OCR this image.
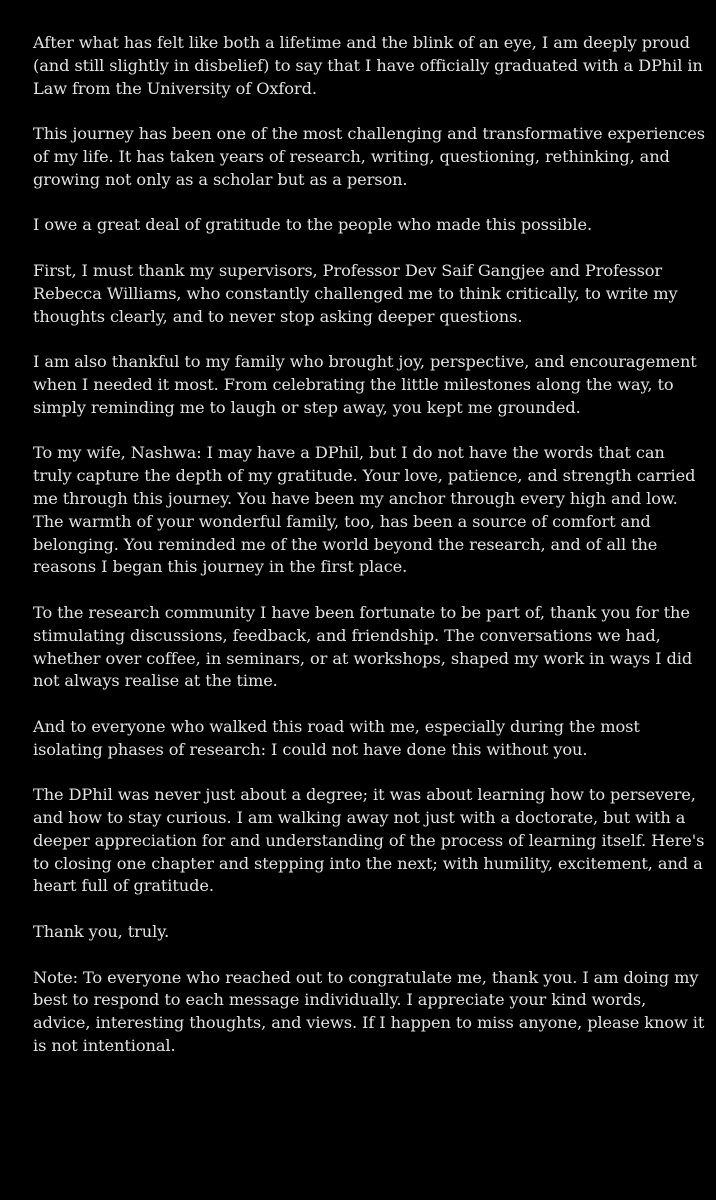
After what has felt like both a lifetime and the blink of an eye, I am deeply proud (and still slightly in disbelief) to say that I have officially graduated with a DPhil in Law from the University of Oxford.

This journey has been one of the most challenging and transformative experiences of my life. It has taken years of research, writing, questioning, rethinking, and growing not only as a scholar but as a person.

I owe a great deal of gratitude to the people who made this possible.

First, I must thank my supervisors, Professor Dev Saif Gangjee and Professor Rebecca Williams, who constantly challenged me to think critically, to write my thoughts clearly, and to never stop asking deeper questions.

I am also thankful to my family who brought joy, perspective, and encouragement when I needed it most. From celebrating the little milestones along the way, to simply reminding me to laugh or step away, you kept me grounded.

To my wife, Nashwa: I may have a DPhil, but I do not have the words that can truly capture the depth of my gratitude. Your love, patience, and strength carried me through this journey. You have been my anchor through every high and low. The warmth of your wonderful family, too, has been a source of comfort and belonging. You reminded me of the world beyond the research, and of all the reasons I began this journey in the first place.

To the research community I have been fortunate to be part of, thank you for the stimulating discussions, feedback, and friendship. The conversations we had, whether over coffee, in seminars, or at workshops, shaped my work in ways I did not always realise at the time.

And to everyone who walked this road with me, especially during the most isolating phases of research: I could not have done this without you.

The DPhil was never just about a degree; it was about learning how to persevere, and how to stay curious. I am walking away not just with a doctorate, but with a deeper appreciation for and understanding of the process of learning itself. Here's to closing one chapter and stepping into the next; with humility, excitement, and a heart full of gratitude.

Thank you, truly.

Note: To everyone who reached out to congratulate me, thank you. I am doing my best to respond to each message individually. I appreciate your kind words, advice, interesting thoughts, and views. If I happen to miss anyone, please know it is not intentional.
